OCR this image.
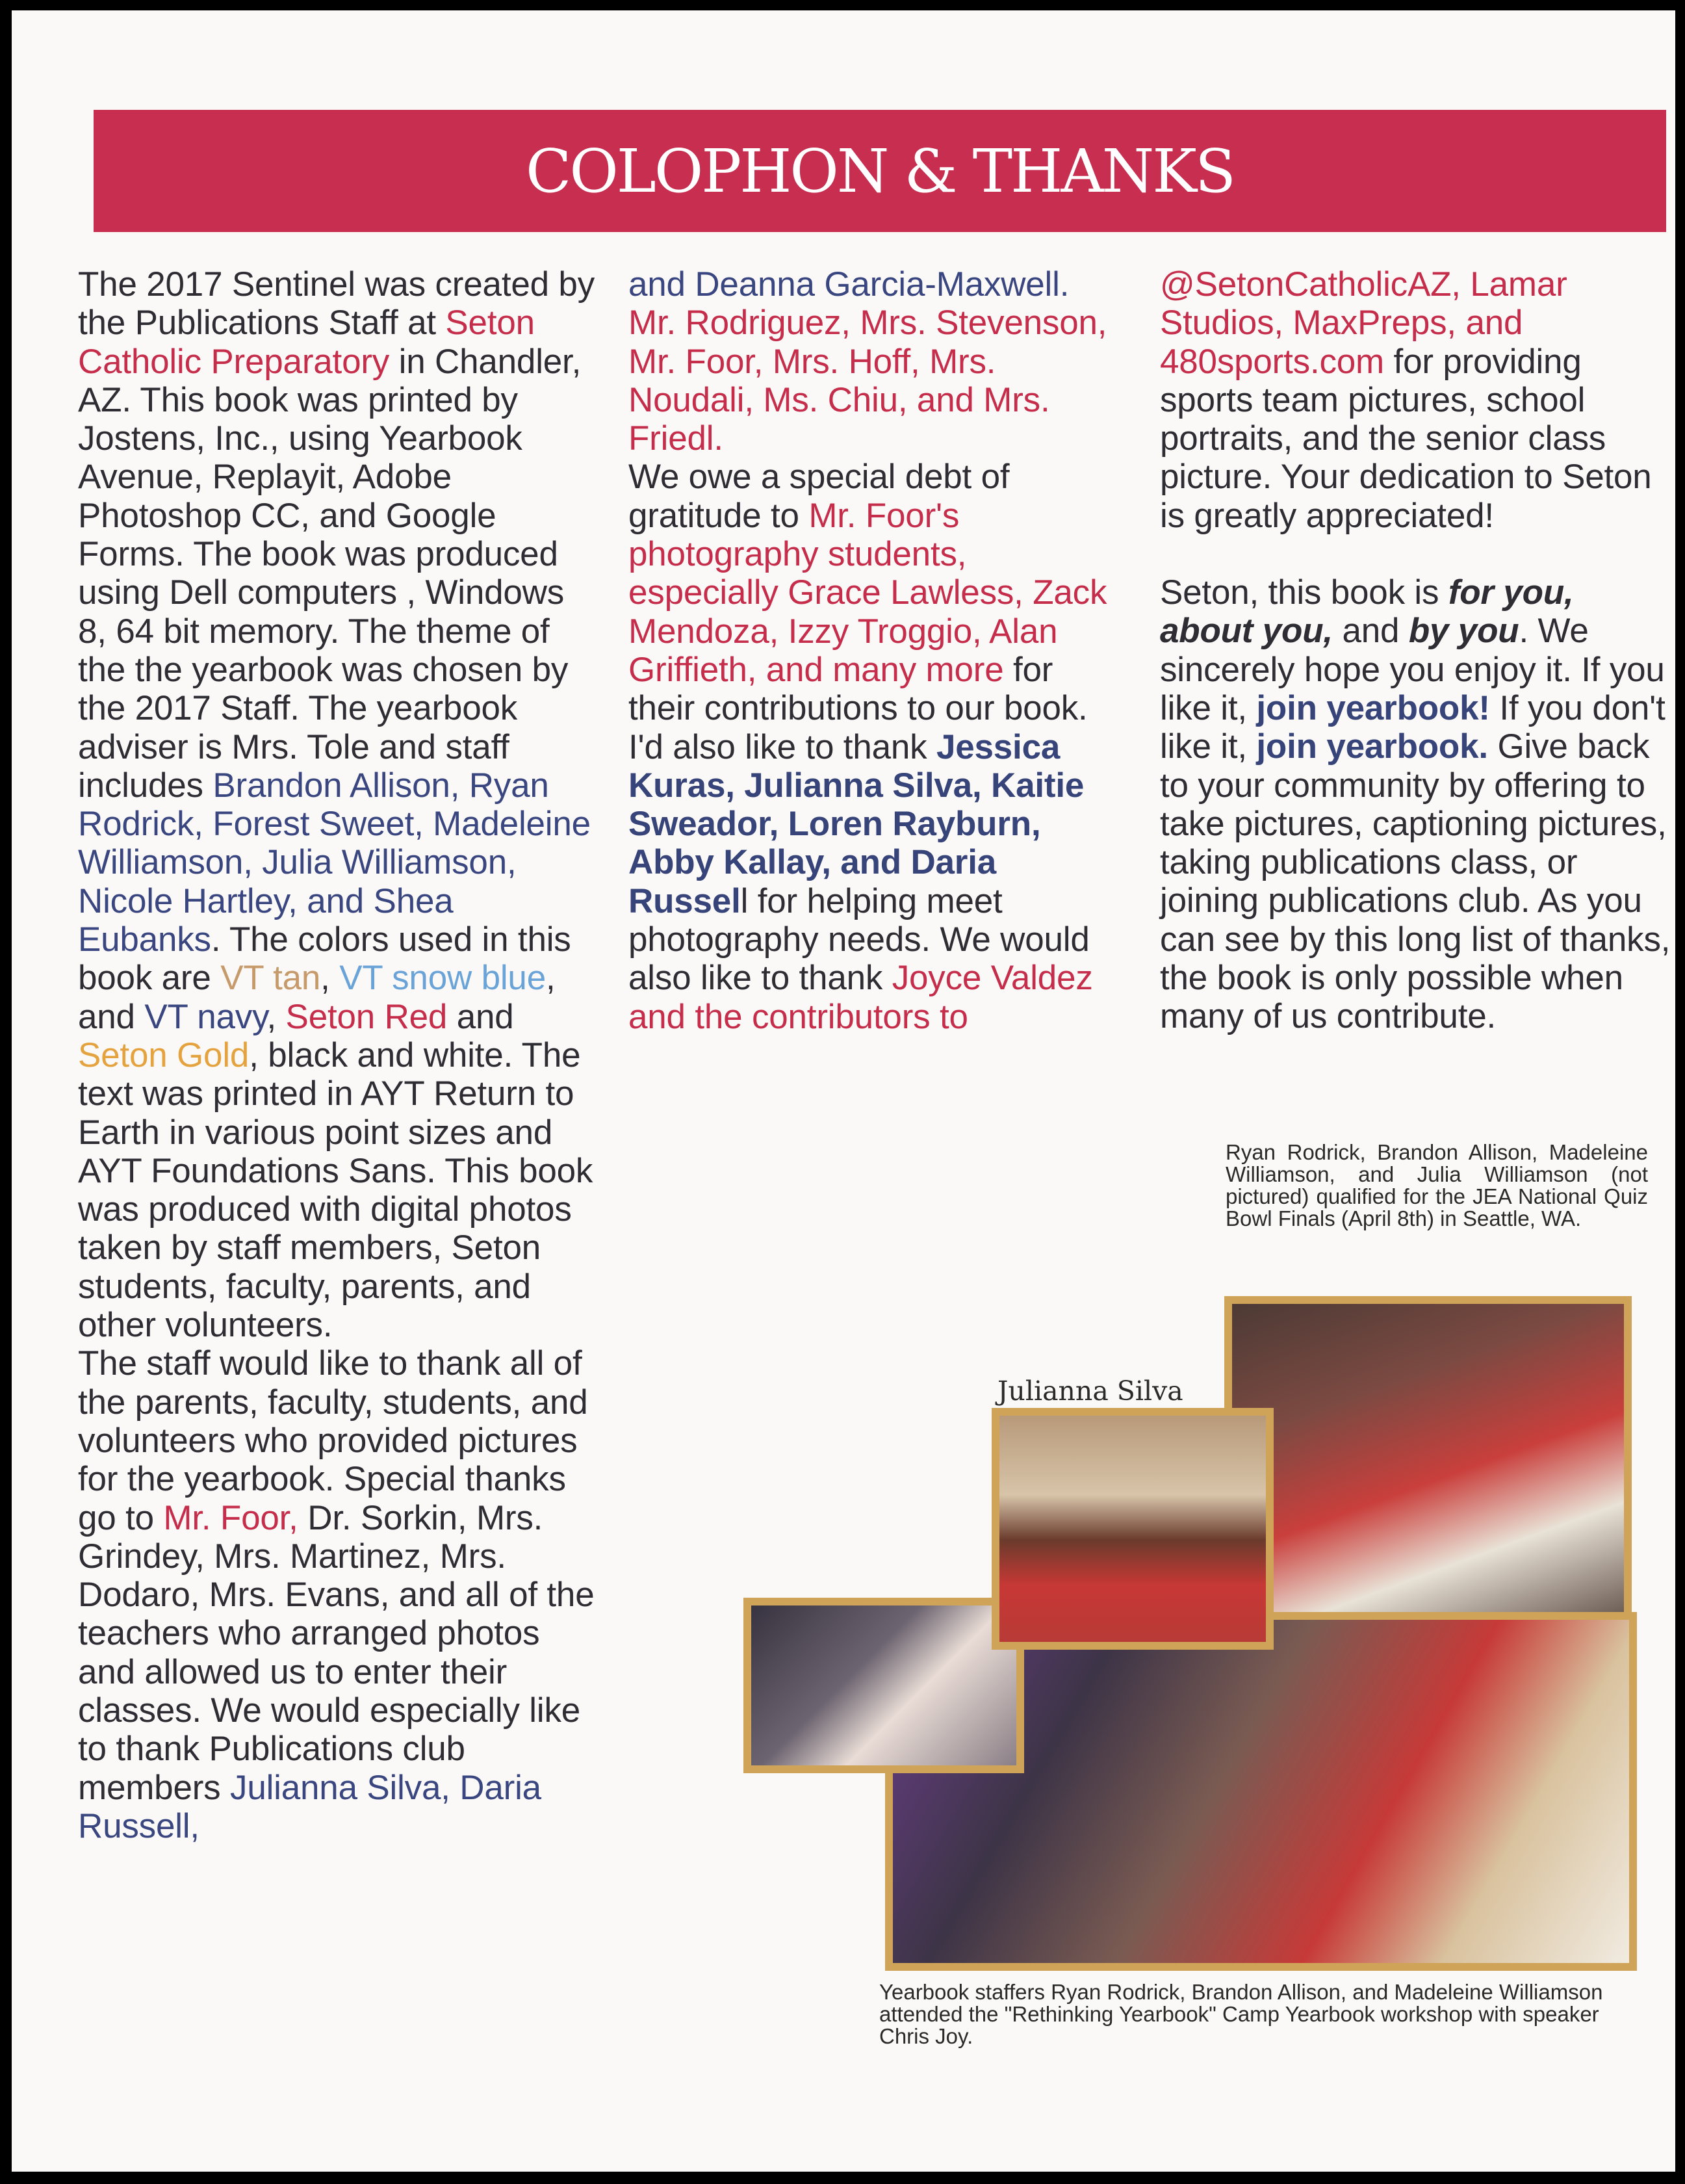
COLOPHON & THANKS

The 2017 Sentinel was created by the Publications Staff at Seton Catholic Preparatory in Chandler, AZ. This book was printed by Jostens, Inc., using Yearbook Avenue, Replayit, Adobe Photoshop CC, and Google Forms. The book was produced using Dell computers , Windows 8, 64 bit memory. The theme of the the yearbook was chosen by the 2017 Staff. The yearbook adviser is Mrs. Tole and staff includes Brandon Allison, Ryan Rodrick, Forest Sweet, Madeleine Williamson, Julia Williamson, Nicole Hartley, and Shea Eubanks. The colors used in this book are VT tan, VT snow blue, and VT navy, Seton Red and Seton Gold, black and white. The text was printed in AYT Return to Earth in various point sizes and AYT Foundations Sans. This book was produced with digital photos taken by staff members, Seton students, faculty, parents, and other volunteers.

The staff would like to thank all of the parents, faculty, students, and volunteers who provided pictures for the yearbook. Special thanks go to Mr. Foor, Dr. Sorkin, Mrs. Grindey, Mrs. Martinez, Mrs. Dodaro, Mrs. Evans, and all of the teachers who arranged photos and allowed us to enter their classes. We would especially like to thank Publications club members Julianna Silva, Daria Russell,

and Deanna Garcia-Maxwell.   Mr. Rodriguez, Mrs. Stevenson, Mr. Foor, Mrs. Hoff, Mrs. Noudali, Ms. Chiu, and Mrs. Friedl.

We owe a special debt of gratitude to Mr. Foor's photography students, especially Grace Lawless, Zack Mendoza, Izzy Troggio, Alan Griffieth, and many more for their contributions to our book. I'd also like to thank Jessica Kuras, Julianna Silva, Kaitie Sweador, Loren Rayburn, Abby Kallay, and Daria Russell for helping meet photography needs. We would also like to thank Joyce Valdez and the contributors to

@SetonCatholicAZ, Lamar Studios, MaxPreps, and 480sports.com for providing sports team pictures, school portraits, and the senior class picture. Your dedication to Seton is greatly appreciated!

Seton, this book is for you, about you, and by you. We sincerely hope you enjoy it. If you like it, join yearbook! If you don't like it, join yearbook. Give back to your community by offering to take pictures, captioning pictures, taking publications class, or joining publications club. As you can see by this long list of thanks, the book is only possible when many of us contribute.

Ryan Rodrick, Brandon Allison, Madeleine Williamson, and Julia Williamson (not pictured) qualified for the JEA National Quiz Bowl Finals (April 8th) in Seattle, WA.
Julianna Silva
Yearbook staffers Ryan Rodrick, Brandon Allison, and Madeleine Williamson attended the "Rethinking Yearbook" Camp Yearbook workshop with speaker Chris Joy.
